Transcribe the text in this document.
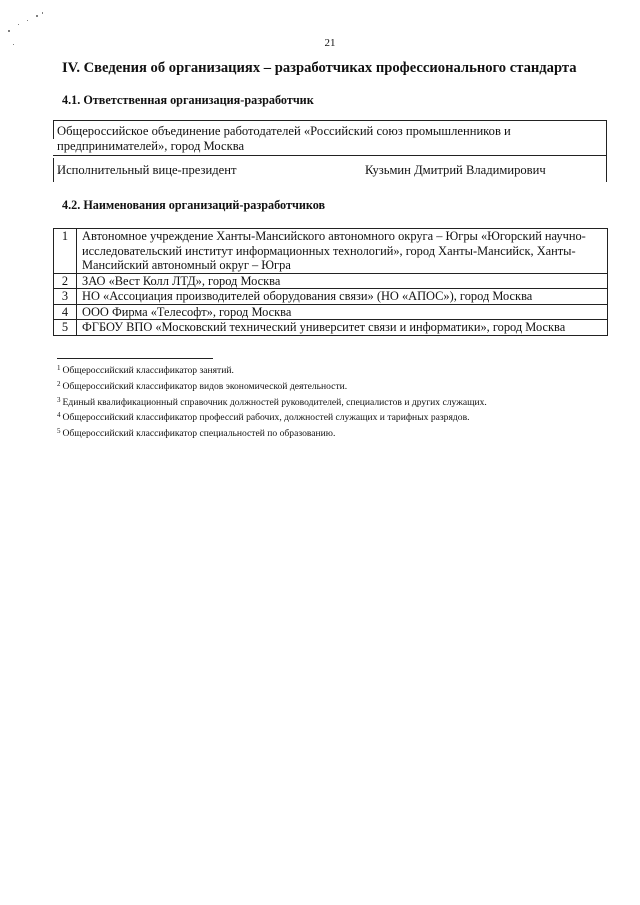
21
IV. Сведения об организациях – разработчиках профессионального стандарта
4.1. Ответственная организация-разработчик
Общероссийское объединение работодателей «Российский союз промышленников и предпринимателей», город Москва
Исполнительный вице-президент	Кузьмин Дмитрий Владимирович
4.2. Наименования организаций-разработчиков
1	Автономное учреждение Ханты-Мансийского автономного округа – Югры «Югорский научно-исследовательский институт информационных технологий», город Ханты-Мансийск, Ханты-Мансийский автономный округ – Югра
2	ЗАО «Вест Колл ЛТД», город Москва
3	НО «Ассоциация производителей оборудования связи» (НО «АПОС»), город Москва
4	ООО Фирма «Телесофт», город Москва
5	ФГБОУ ВПО «Московский технический университет связи и информатики», город Москва
$^1$ Общероссийский классификатор занятий.
$^2$ Общероссийский классификатор видов экономической деятельности.
$^3$ Единый квалификационный справочник должностей руководителей, специалистов и других служащих.
$^4$ Общероссийский классификатор профессий рабочих, должностей служащих и тарифных разрядов.
$^5$ Общероссийский классификатор специальностей по образованию.
